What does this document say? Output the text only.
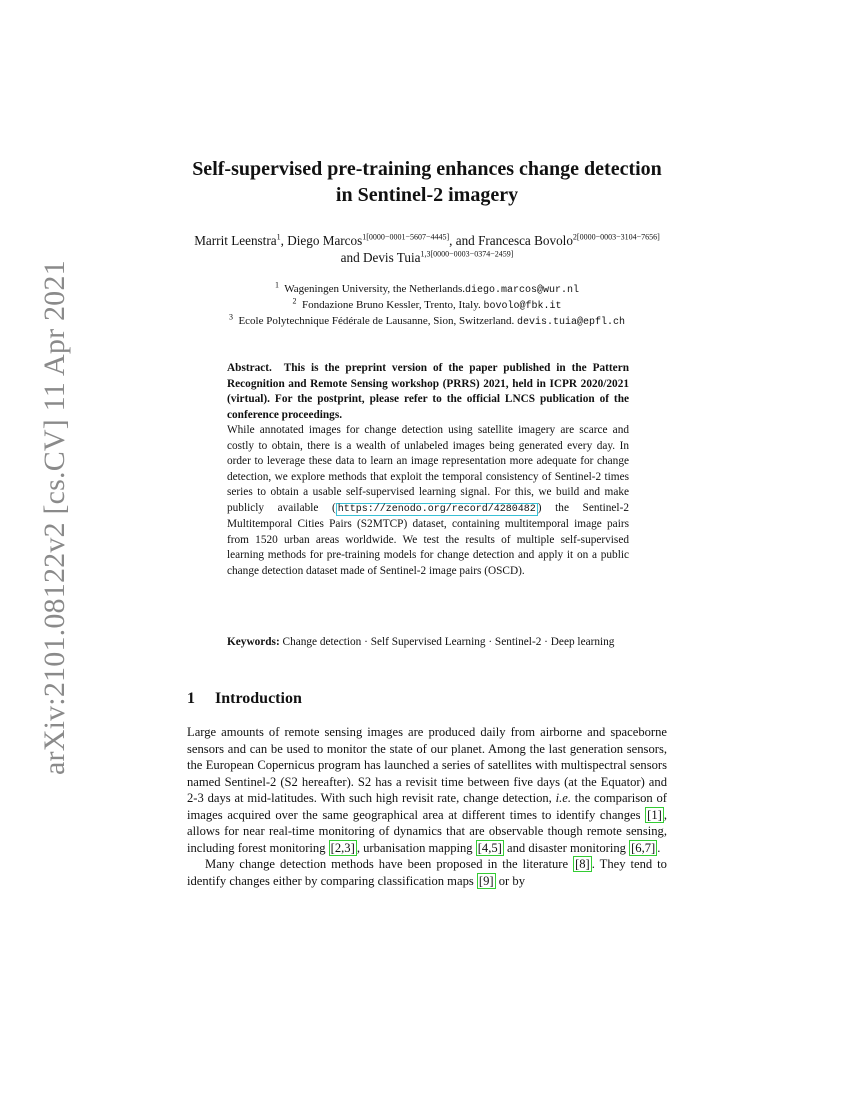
arXiv:2101.08122v2 [cs.CV] 11 Apr 2021
Self-supervised pre-training enhances change detection in Sentinel-2 imagery
Marrit Leenstra$^1$, Diego Marcos$^{1[0000-0001-5607-4445]}$, and Francesca Bovolo$^{2[0000-0003-3104-7656]}$ and Devis Tuia$^{1,3[0000-0003-0374-2459]}$
$^1$ Wageningen University, the Netherlands.diego.marcos@wur.nl
$^2$ Fondazione Bruno Kessler, Trento, Italy. bovolo@fbk.it
$^3$ Ecole Polytechnique Fédérale de Lausanne, Sion, Switzerland. devis.tuia@epfl.ch
Abstract. This is the preprint version of the paper published in the Pattern Recognition and Remote Sensing workshop (PRRS) 2021, held in ICPR 2020/2021 (virtual). For the postprint, please refer to the official LNCS publication of the conference proceedings.
While annotated images for change detection using satellite imagery are scarce and costly to obtain, there is a wealth of unlabeled images being generated every day. In order to leverage these data to learn an image representation more adequate for change detection, we explore methods that exploit the temporal consistency of Sentinel-2 times series to obtain a usable self-supervised learning signal. For this, we build and make publicly available ( https://zenodo.org/record/4280482 ) the Sentinel-2 Multitemporal Cities Pairs (S2MTCP) dataset, containing multitemporal image pairs from 1520 urban areas worldwide. We test the results of multiple self-supervised learning methods for pre-training models for change detection and apply it on a public change detection dataset made of Sentinel-2 image pairs (OSCD).
Keywords: Change detection · Self Supervised Learning · Sentinel-2 · Deep learning
1 Introduction

Large amounts of remote sensing images are produced daily from airborne and spaceborne sensors and can be used to monitor the state of our planet. Among the last generation sensors, the European Copernicus program has launched a series of satellites with multispectral sensors named Sentinel-2 (S2 hereafter). S2 has a revisit time between five days (at the Equator) and 2-3 days at mid-latitudes. With such high revisit rate, change detection, i.e. the comparison of images acquired over the same geographical area at different times to identify changes [1] , allows for near real-time monitoring of dynamics that are observable though remote sensing, including forest monitoring [2,3] , urbanisation mapping [4,5] and disaster monitoring [6,7] .

Many change detection methods have been proposed in the literature [8] . They tend to identify changes either by comparing classification maps [9] or by
